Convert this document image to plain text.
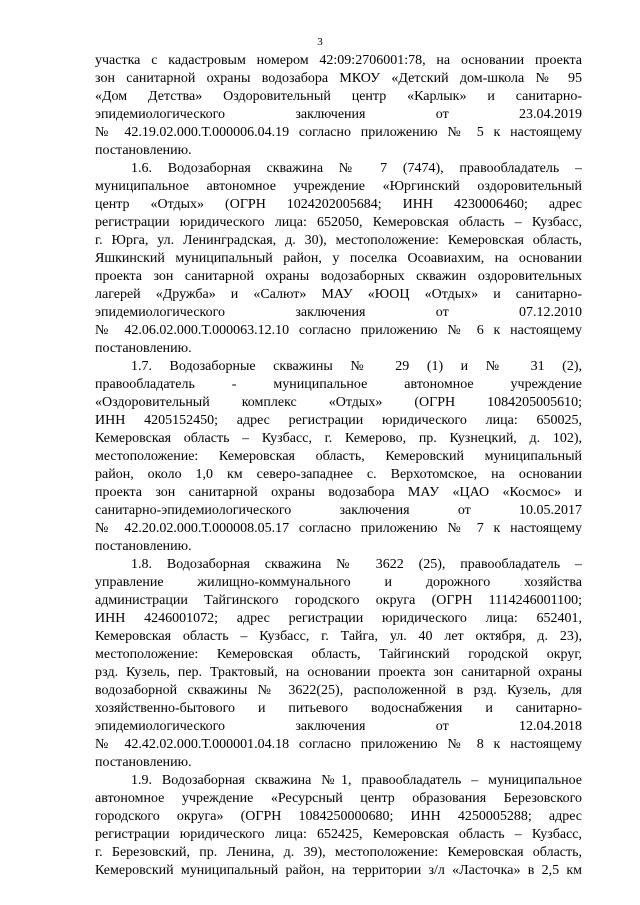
3
участка с кадастровым номером 42:09:2706001:78, на основании проекта
зон санитарной охраны водозабора МКОУ «Детский дом-школа № 95
«Дом Детства» Оздоровительный центр «Карлык» и санитарно-
эпидемиологического заключения от 23.04.2019
№ 42.19.02.000.Т.000006.04.19 согласно приложению № 5 к настоящему
постановлению.
1.6. Водозаборная скважина № 7 (7474), правообладатель –
муниципальное автономное учреждение «Юргинский оздоровительный
центр «Отдых» (ОГРН 1024202005684; ИНН 4230006460; адрес
регистрации юридического лица: 652050, Кемеровская область – Кузбасс,
г. Юрга, ул. Ленинградская, д. 30), местоположение: Кемеровская область,
Яшкинский муниципальный район, у поселка Осоавиахим, на основании
проекта зон санитарной охраны водозаборных скважин оздоровительных
лагерей «Дружба» и «Салют» МАУ «ЮОЦ «Отдых» и санитарно-
эпидемиологического заключения от 07.12.2010
№ 42.06.02.000.Т.000063.12.10 согласно приложению № 6 к настоящему
постановлению.
1.7. Водозаборные скважины № 29 (1) и № 31 (2),
правообладатель - муниципальное автономное учреждение
«Оздоровительный комплекс «Отдых» (ОГРН 1084205005610;
ИНН 4205152450; адрес регистрации юридического лица: 650025,
Кемеровская область – Кузбасс, г. Кемерово, пр. Кузнецкий, д. 102),
местоположение: Кемеровская область, Кемеровский муниципальный
район, около 1,0 км северо-западнее с. Верхотомское, на основании
проекта зон санитарной охраны водозабора МАУ «ЦАО «Космос» и
санитарно-эпидемиологического заключения от 10.05.2017
№ 42.20.02.000.Т.000008.05.17 согласно приложению № 7 к настоящему
постановлению.
1.8. Водозаборная скважина № 3622 (25), правообладатель –
управление жилищно-коммунального и дорожного хозяйства
администрации Тайгинского городского округа (ОГРН 1114246001100;
ИНН 4246001072; адрес регистрации юридического лица: 652401,
Кемеровская область – Кузбасс, г. Тайга, ул. 40 лет октября, д. 23),
местоположение: Кемеровская область, Тайгинский городской округ,
рзд. Кузель, пер. Трактовый, на основании проекта зон санитарной охраны
водозаборной скважины № 3622(25), расположенной в рзд. Кузель, для
хозяйственно-бытового и питьевого водоснабжения и санитарно-
эпидемиологического заключения от 12.04.2018
№ 42.42.02.000.Т.000001.04.18 согласно приложению № 8 к настоящему
постановлению.
1.9. Водозаборная скважина №1, правообладатель – муниципальное
автономное учреждение «Ресурсный центр образования Березовского
городского округа» (ОГРН 1084250000680; ИНН 4250005288; адрес
регистрации юридического лица: 652425, Кемеровская область – Кузбасс,
г. Березовский, пр. Ленина, д. 39), местоположение: Кемеровская область,
Кемеровский муниципальный район, на территории з/л «Ласточка» в 2,5 км
